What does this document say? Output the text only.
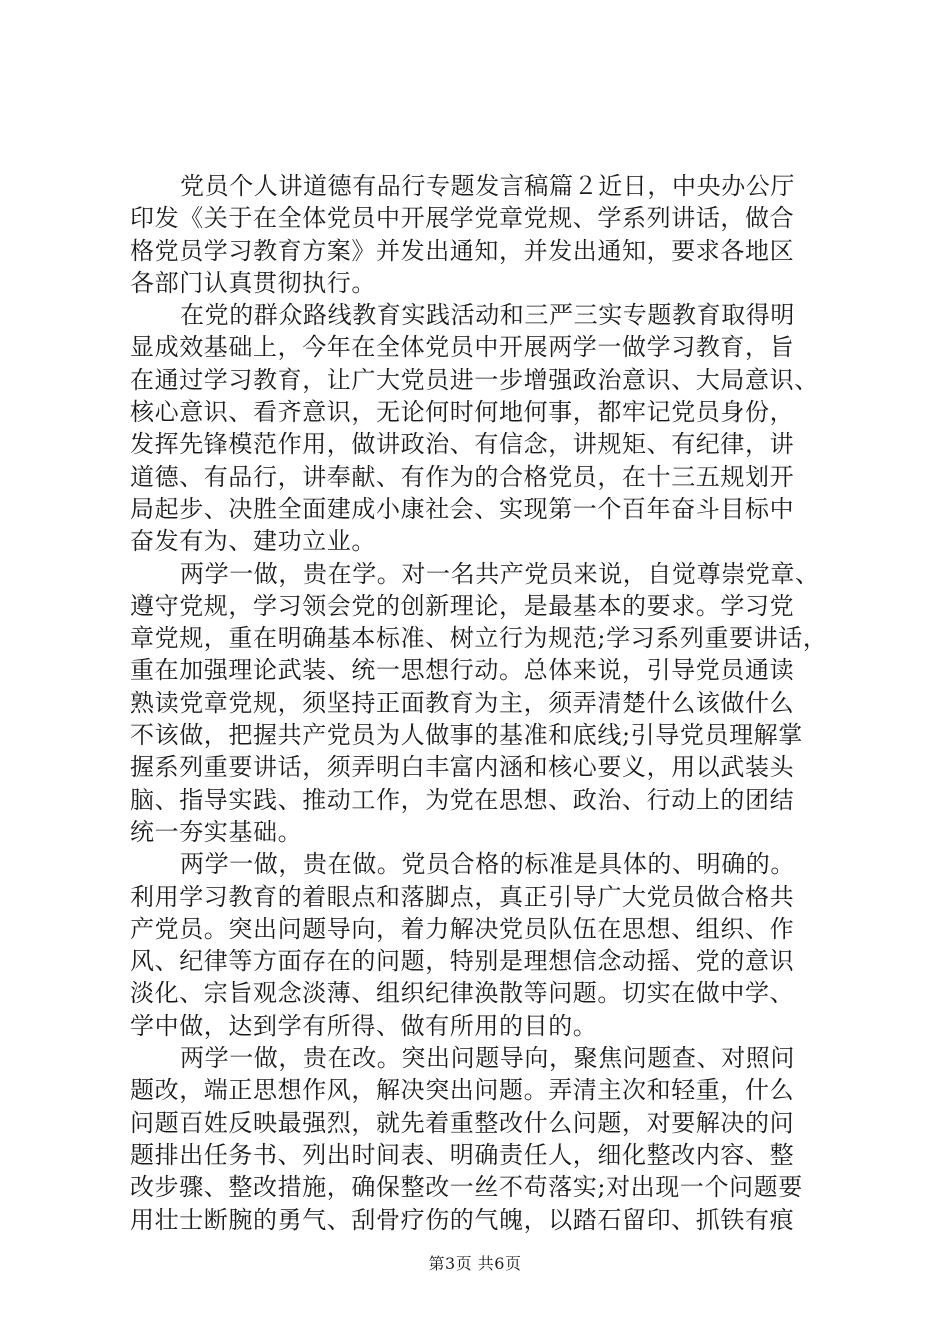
党员个人讲道德有品行专题发言稿篇２近日，中央办公厅
印发《关于在全体党员中开展学党章党规、学系列讲话，做合
格党员学习教育方案》并发出通知，并发出通知，要求各地区
各部门认真贯彻执行。
在党的群众路线教育实践活动和三严三实专题教育取得明
显成效基础上，今年在全体党员中开展两学一做学习教育，旨
在通过学习教育，让广大党员进一步增强政治意识、大局意识、
核心意识、看齐意识，无论何时何地何事，都牢记党员身份，
发挥先锋模范作用，做讲政治、有信念，讲规矩、有纪律，讲
道德、有品行，讲奉献、有作为的合格党员，在十三五规划开
局起步、决胜全面建成小康社会、实现第一个百年奋斗目标中
奋发有为、建功立业。
两学一做，贵在学。对一名共产党员来说，自觉尊崇党章、
遵守党规，学习领会党的创新理论，是最基本的要求。学习党
章党规，重在明确基本标准、树立行为规范;学习系列重要讲话，
重在加强理论武装、统一思想行动。总体来说，引导党员通读
熟读党章党规，须坚持正面教育为主，须弄清楚什么该做什么
不该做，把握共产党员为人做事的基准和底线;引导党员理解掌
握系列重要讲话，须弄明白丰富内涵和核心要义，用以武装头
脑、指导实践、推动工作，为党在思想、政治、行动上的团结
统一夯实基础。
两学一做，贵在做。党员合格的标准是具体的、明确的。
利用学习教育的着眼点和落脚点，真正引导广大党员做合格共
产党员。突出问题导向，着力解决党员队伍在思想、组织、作
风、纪律等方面存在的问题，特别是理想信念动摇、党的意识
淡化、宗旨观念淡薄、组织纪律涣散等问题。切实在做中学、
学中做，达到学有所得、做有所用的目的。
两学一做，贵在改。突出问题导向，聚焦问题查、对照问
题改，端正思想作风，解决突出问题。弄清主次和轻重，什么
问题百姓反映最强烈，就先着重整改什么问题，对要解决的问
题排出任务书、列出时间表、明确责任人，细化整改内容、整
改步骤、整改措施，确保整改一丝不苟落实;对出现一个问题要
用壮士断腕的勇气、刮骨疗伤的气魄，以踏石留印、抓铁有痕
第3页 共6页
